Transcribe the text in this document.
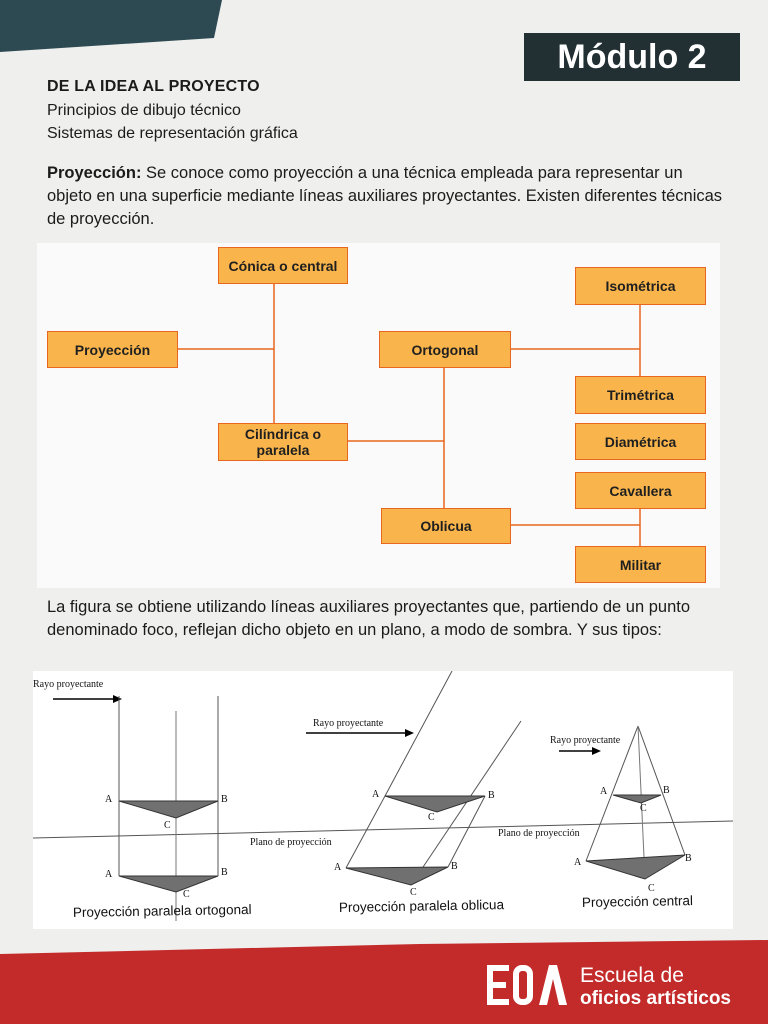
Módulo 2
DE LA IDEA AL PROYECTO
Principios de dibujo técnico
Sistemas de representación gráfica
Proyección: Se conoce como proyección a una técnica empleada para representar un objeto en una superficie mediante líneas auxiliares proyectantes. Existen diferentes técnicas de proyección.
Proyección
Cónica o central
Cilíndrica o paralela
Ortogonal
Oblicua
Isométrica
Trimétrica
Diamétrica
Cavallera
Militar
La figura se obtiene utilizando líneas auxiliares proyectantes que, partiendo de un punto denominado foco, reflejan dicho objeto en un plano, a modo de sombra. Y sus tipos:
Rayo proyectante
Rayo proyectante
Rayo proyectante
Plano de proyección
Plano de proyección
A	B
C
A	B
C
A	B
C
A	B
C
A	B
C
A	B
C
Proyección paralela ortogonal	Proyección paralela oblicua	Proyección central
Escuela de
oficios artísticos
